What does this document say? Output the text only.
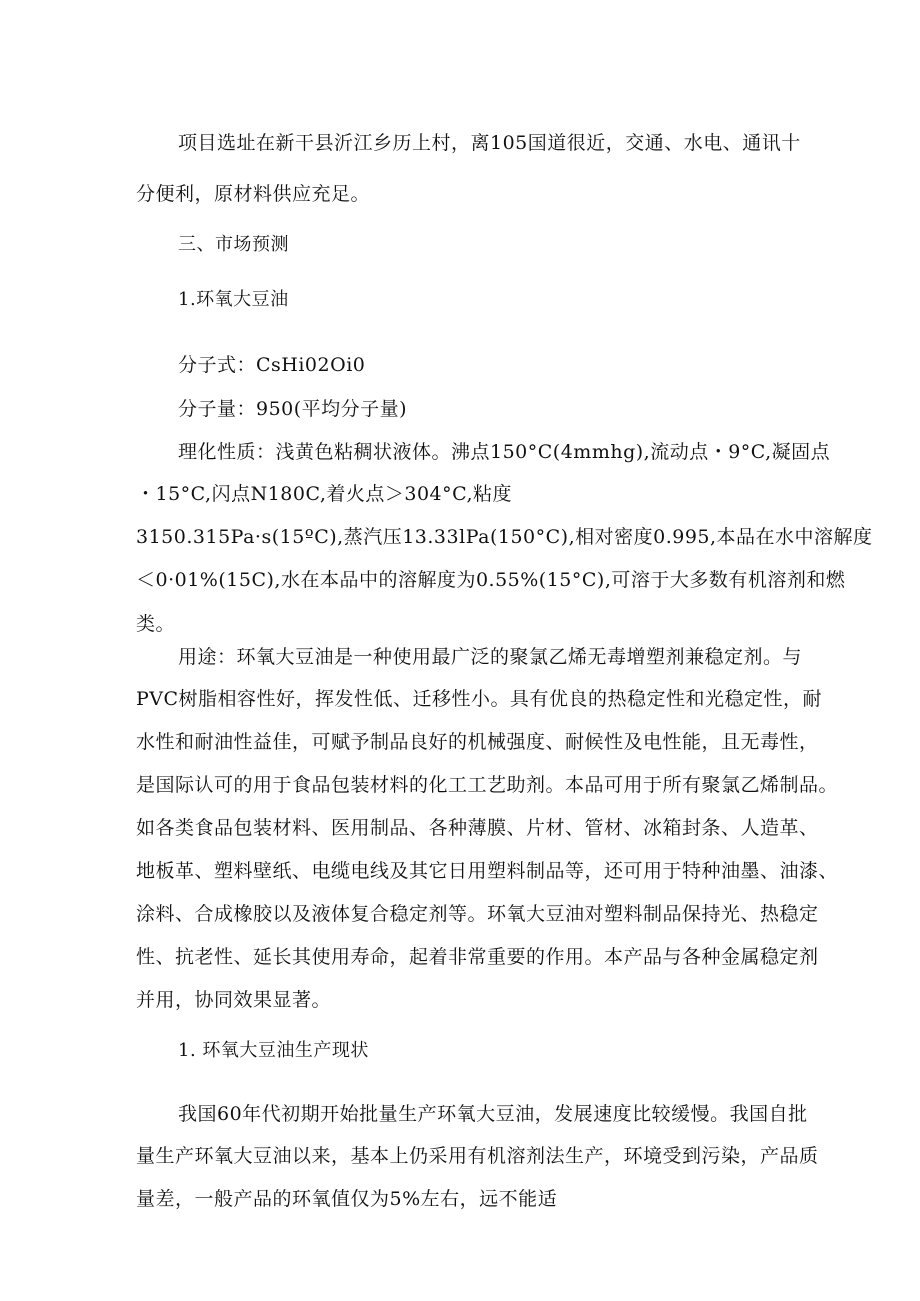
项目选址在新干县沂江乡历上村，离105国道很近，交通、水电、通讯十
分便利，原材料供应充足。
三、市场预测
1.环氧大豆油
分子式：CsHi02Oi0
分子量：950(平均分子量)
理化性质：浅黄色粘稠状液体。沸点150°C(4mmhg),流动点・9°C,凝固点
・15°C,闪点N180C,着火点＞304°C,粘度
3150.315Pa·s(15ºC),蒸汽压13.33lPa(150°C),相对密度0.995,本品在水中溶解度
＜0·01%(15C),水在本品中的溶解度为0.55%(15°C),可溶于大多数有机溶剂和燃
类。
用途：环氧大豆油是一种使用最广泛的聚氯乙烯无毒增塑剂兼稳定剂。与
PVC树脂相容性好，挥发性低、迁移性小。具有优良的热稳定性和光稳定性，耐
水性和耐油性益佳，可赋予制品良好的机械强度、耐候性及电性能，且无毒性，
是国际认可的用于食品包装材料的化工工艺助剂。本品可用于所有聚氯乙烯制品。
如各类食品包装材料、医用制品、各种薄膜、片材、管材、冰箱封条、人造革、
地板革、塑料壁纸、电缆电线及其它日用塑料制品等，还可用于特种油墨、油漆、
涂料、合成橡胶以及液体复合稳定剂等。环氧大豆油对塑料制品保持光、热稳定
性、抗老性、延长其使用寿命，起着非常重要的作用。本产品与各种金属稳定剂
并用，协同效果显著。
1. 环氧大豆油生产现状
我国60年代初期开始批量生产环氧大豆油，发展速度比较缓慢。我国自批
量生产环氧大豆油以来，基本上仍采用有机溶剂法生产，环境受到污染，产品质
量差，一般产品的环氧值仅为5%左右，远不能适
